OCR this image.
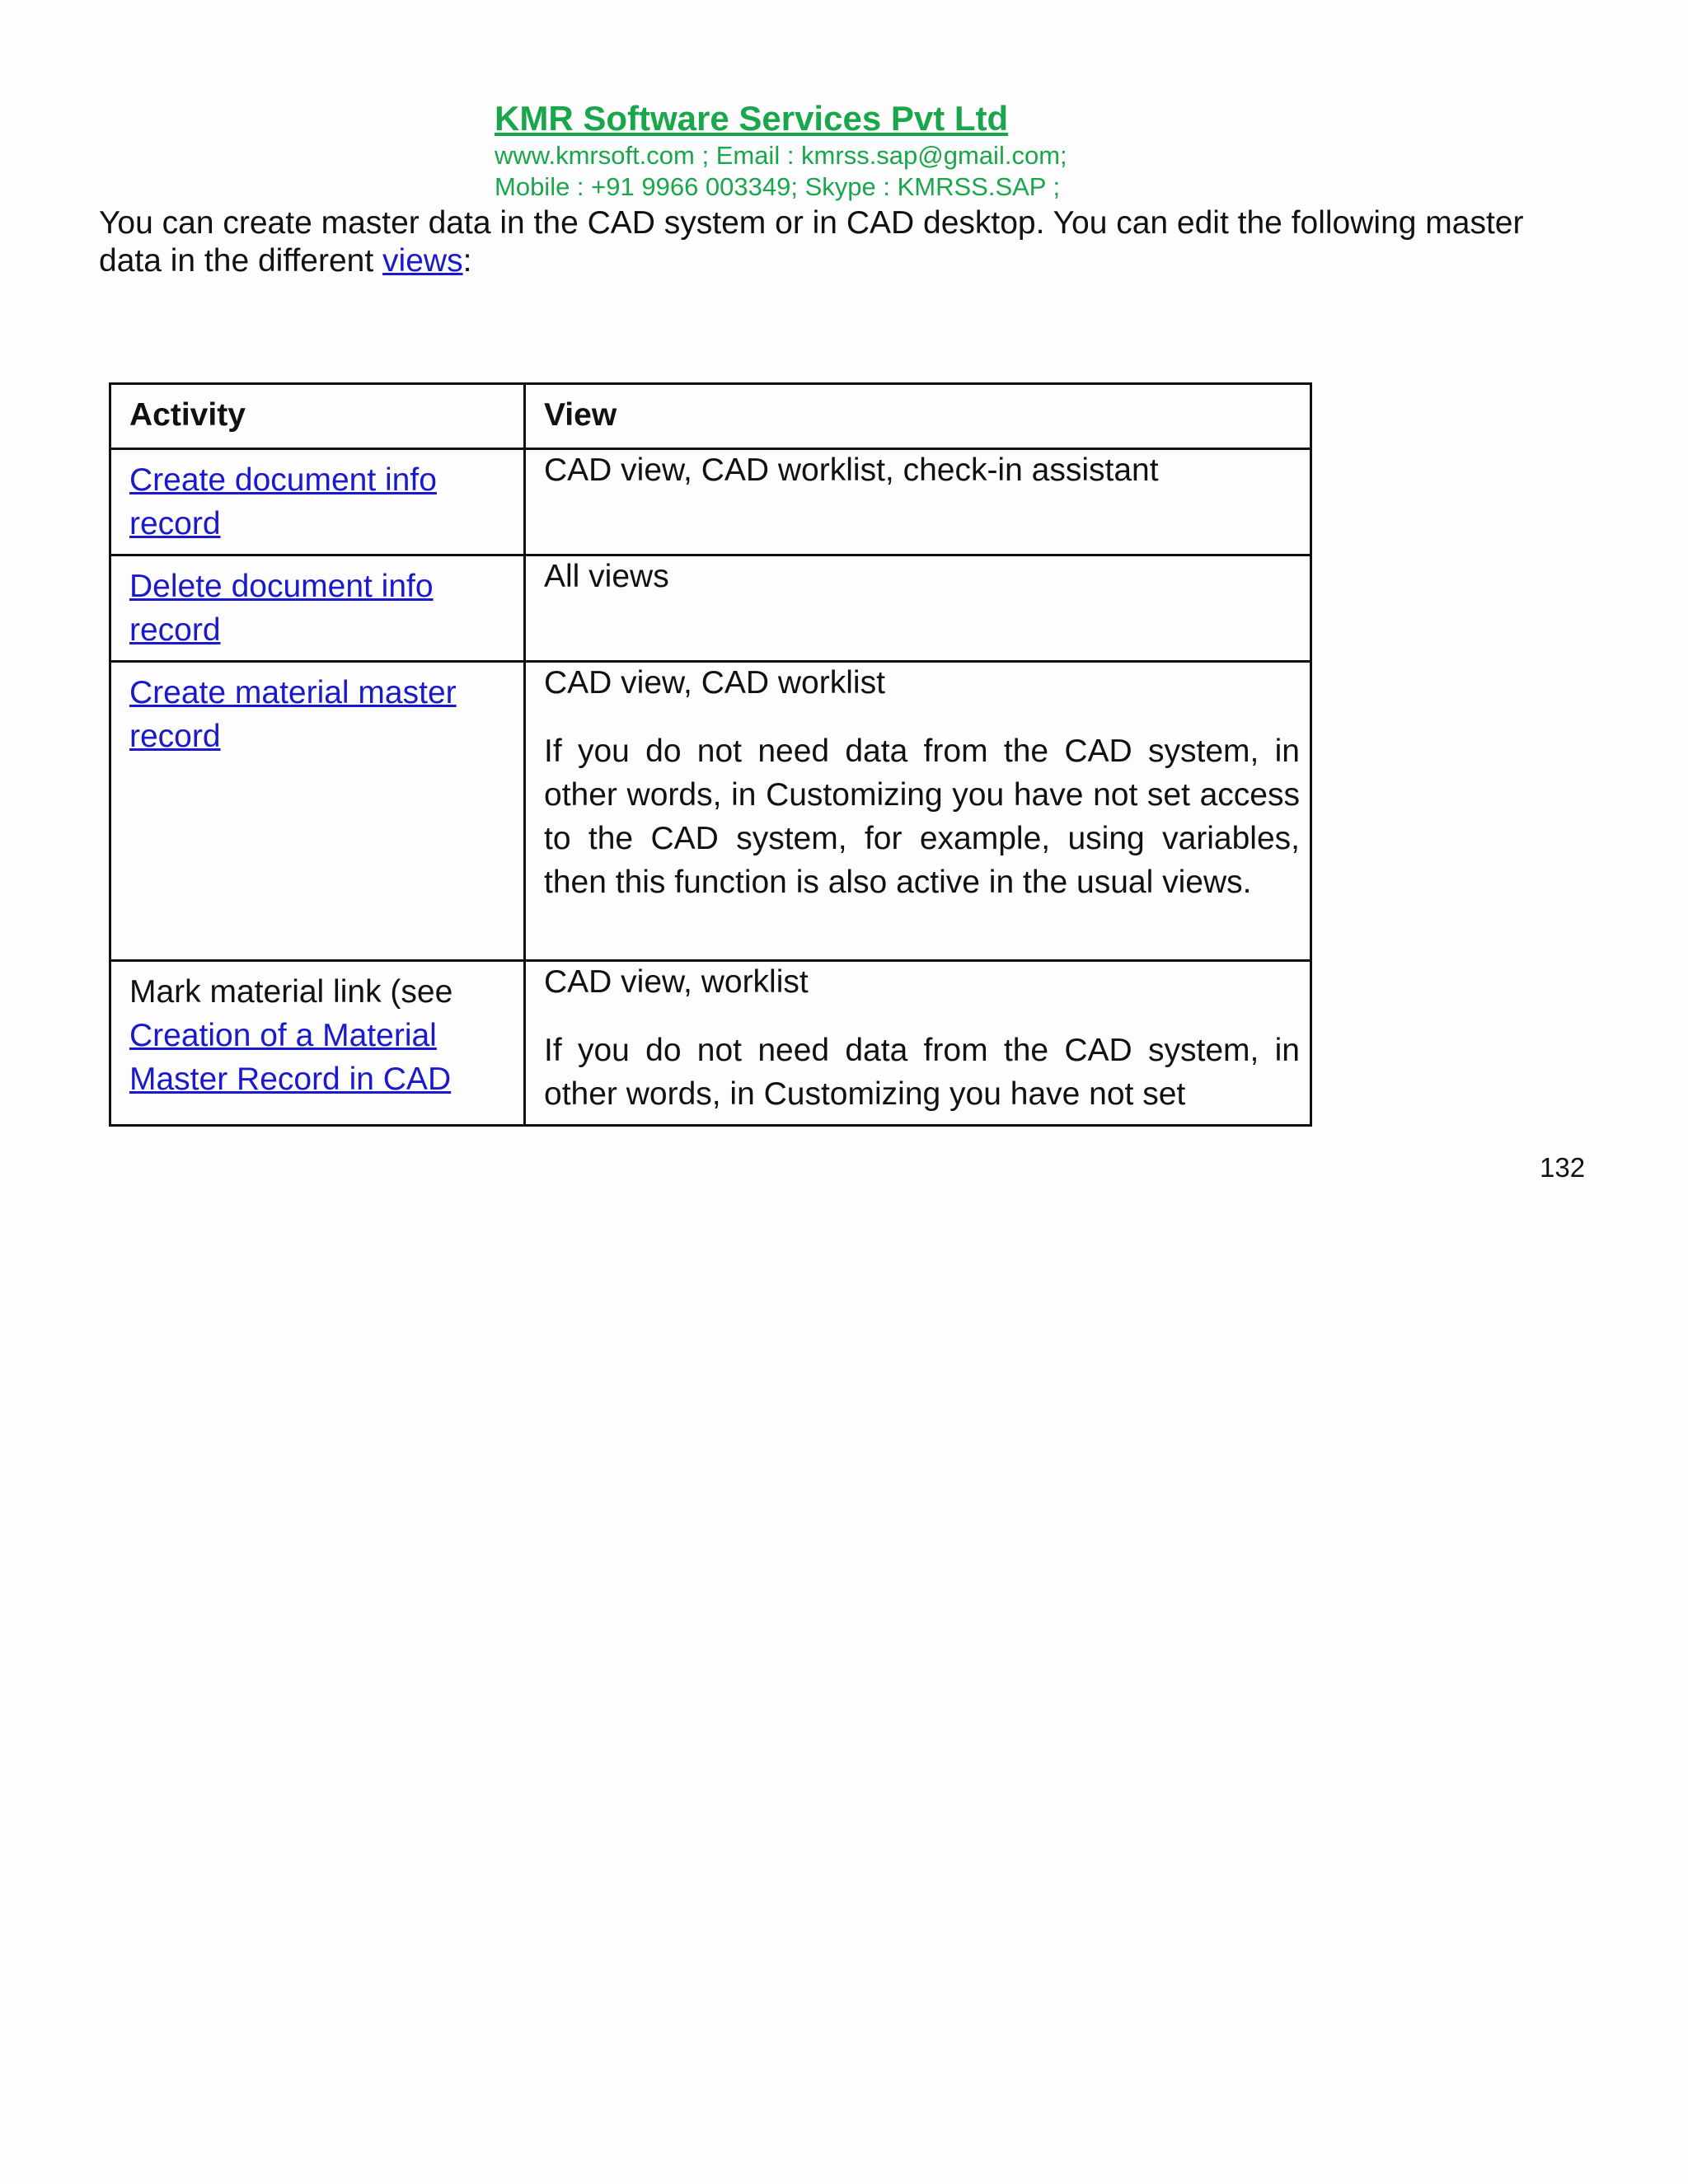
KMR Software Services Pvt Ltd
www.kmrsoft.com ; Email : kmrss.sap@gmail.com;
Mobile : +91 9966 003349; Skype : KMRSS.SAP ;
You can create master data in the CAD system or in CAD desktop. You can edit the following master data in the different views:
Activity	View
Create document info record	CAD view, CAD worklist, check-in assistant

Delete document info record	All views

Create material master record	CAD view, CAD worklist
If you do not need data from the CAD system, in other words, in Customizing you have not set access to the CAD system, for example, using variables, then this function is also active in the usual views.

Mark material link (see Creation of a Material Master Record in CAD	CAD view, worklist
If you do not need data from the CAD system, in other words, in Customizing you have not set
132
